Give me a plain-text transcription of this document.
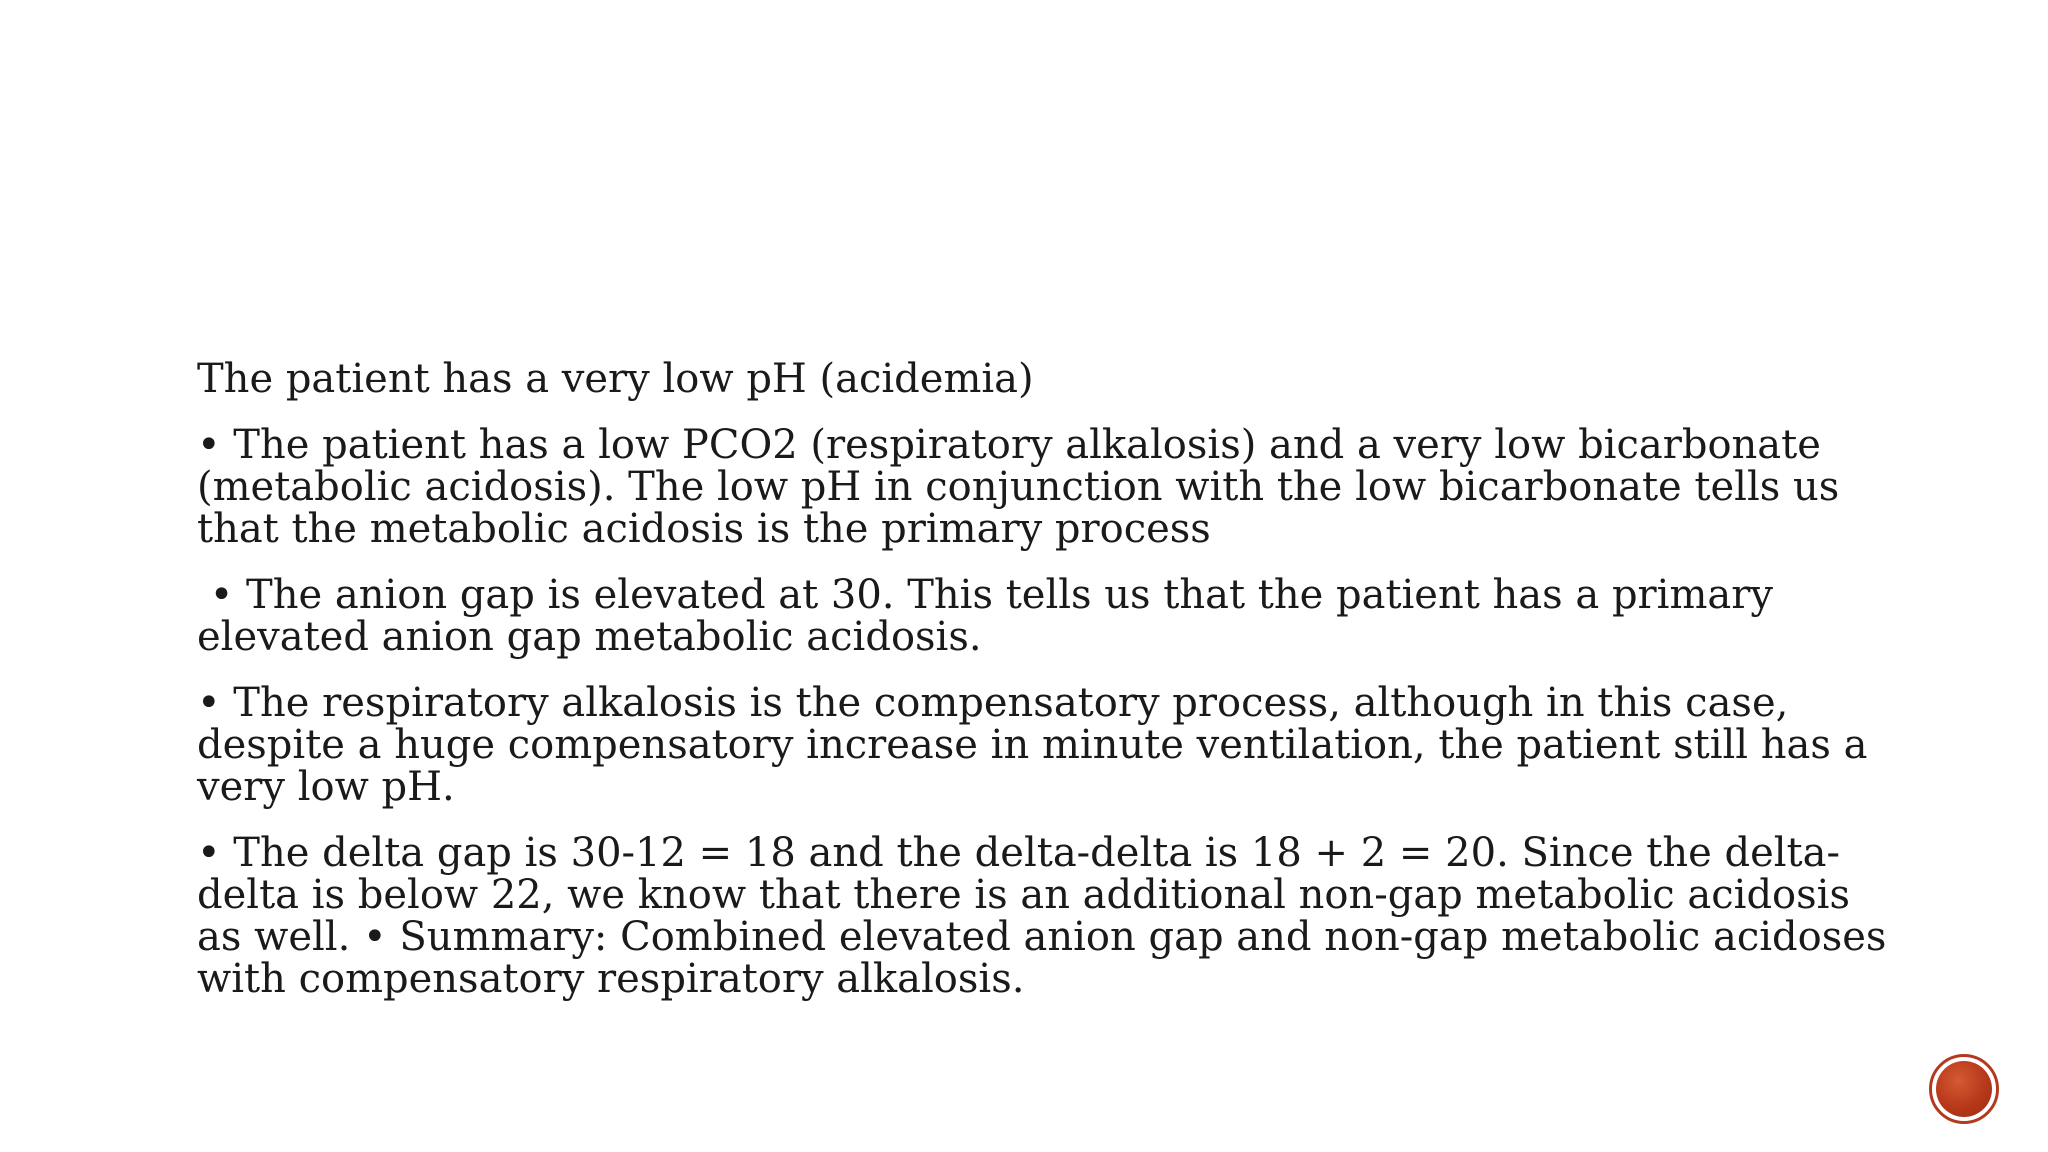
The patient has a very low pH (acidemia)

• The patient has a low PCO2 (respiratory alkalosis) and a very low bicarbonate (metabolic acidosis). The low pH in conjunction with the low bicarbonate tells us that the metabolic acidosis is the primary process

• The anion gap is elevated at 30. This tells us that the patient has a primary elevated anion gap metabolic acidosis.

• The respiratory alkalosis is the compensatory process, although in this case, despite a huge compensatory increase in minute ventilation, the patient still has a very low pH.

• The delta gap is 30-12 = 18 and the delta-delta is 18 + 2 = 20. Since the delta-delta is below 22, we know that there is an additional non-gap metabolic acidosis as well. • Summary: Combined elevated anion gap and non-gap metabolic acidoses with compensatory respiratory alkalosis.
